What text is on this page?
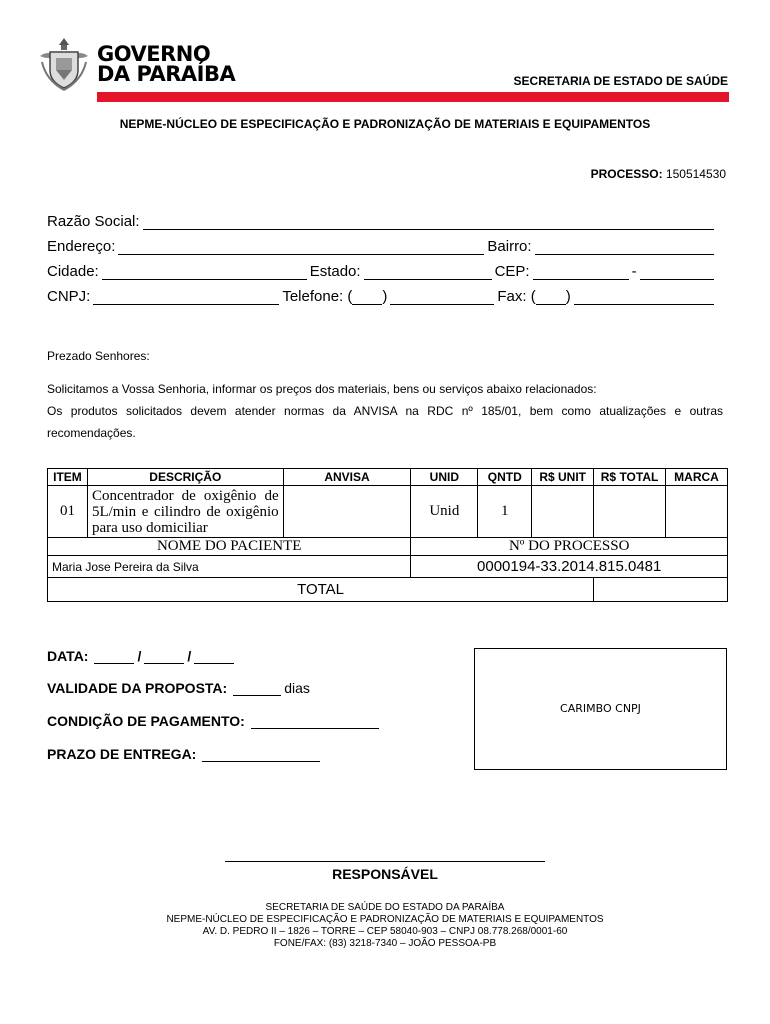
GOVERNO
DA PARAÍBA	SECRETARIA DE ESTADO DE SAÚDE
NEPME-NÚCLEO DE ESPECIFICAÇÃO E PADRONIZAÇÃO DE MATERIAIS E EQUIPAMENTOS
PROCESSO: 150514530
Razão Social:
Endereço:	Bairro:
Cidade:	Estado:	CEP:	-
CNPJ:	Telefone: ( )	Fax: ( )
Prezado Senhores:
Solicitamos a Vossa Senhoria, informar os preços dos materiais, bens ou serviços abaixo relacionados:
Os produtos solicitados devem atender normas da ANVISA na RDC nº 185/01, bem como atualizações e outras
recomendações.
ITEM	DESCRIÇÃO	ANVISA	UNID	QNTD	R$ UNIT	R$ TOTAL	MARCA
01	Concentrador de oxigênio de 5L/min e cilindro de oxigênio para uso domiciliar		Unid	1			
NOME DO PACIENTE			Nº DO PROCESSO				
Maria Jose Pereira da Silva			0000194-33.2014.815.0481				
TOTAL							
DATA:	/	/
VALIDADE DA PROPOSTA:	dias
CONDIÇÃO DE PAGAMENTO:
PRAZO DE ENTREGA:
CARIMBO CNPJ
RESPONSÁVEL
SECRETARIA DE SAÚDE DO ESTADO DA PARAÍBA
NEPME-NÚCLEO DE ESPECIFICAÇÃO E PADRONIZAÇÃO DE MATERIAIS E EQUIPAMENTOS
AV. D. PEDRO II – 1826 – TORRE – CEP 58040-903 – CNPJ 08.778.268/0001-60
FONE/FAX: (83) 3218-7340 – JOÃO PESSOA-PB
